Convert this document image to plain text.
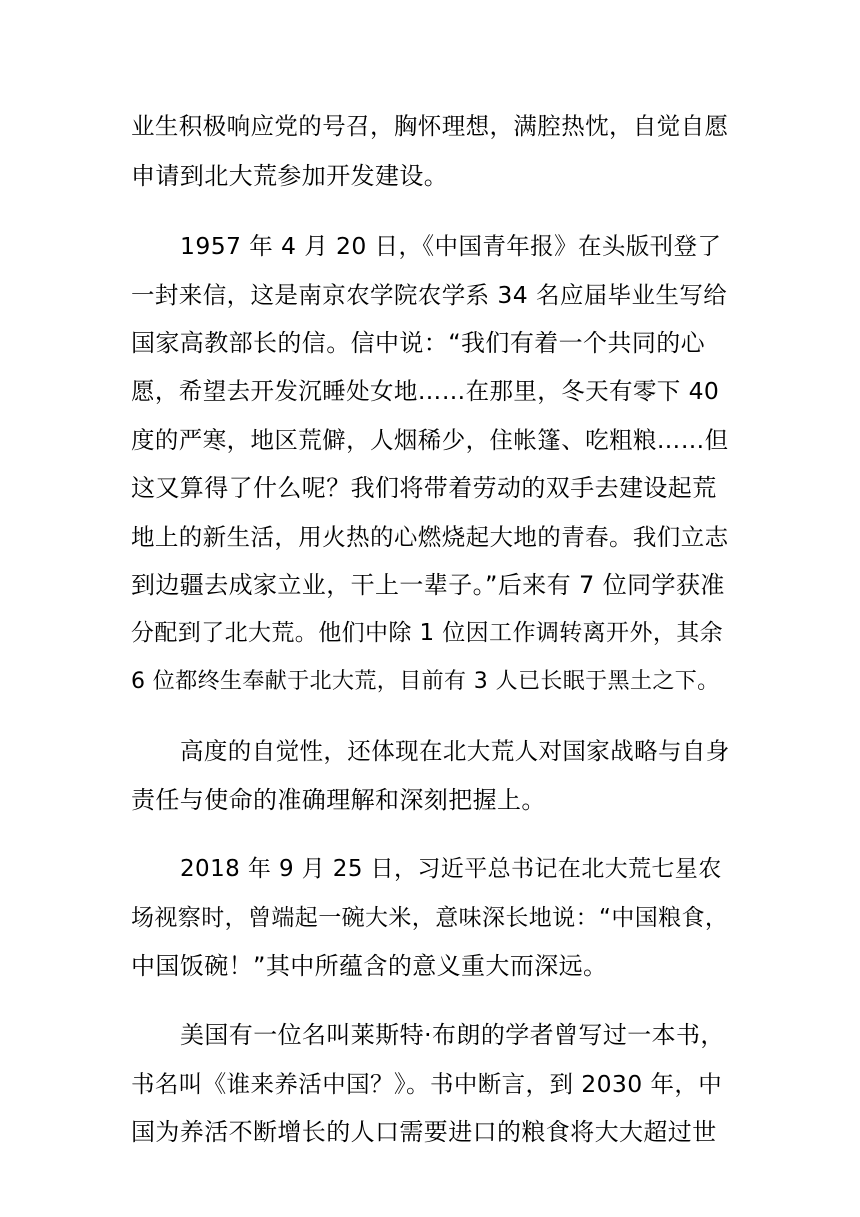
业生积极响应党的号召，胸怀理想，满腔热忱，自觉自愿
申请到北大荒参加开发建设。
1957 年 4 月 20 日，《中国青年报》在头版刊登了
一封来信，这是南京农学院农学系 34 名应届毕业生写给
国家高教部长的信。信中说：“我们有着一个共同的心
愿，希望去开发沉睡处女地……在那里，冬天有零下 40
度的严寒，地区荒僻，人烟稀少，住帐篷、吃粗粮……但
这又算得了什么呢？我们将带着劳动的双手去建设起荒
地上的新生活，用火热的心燃烧起大地的青春。我们立志
到边疆去成家立业，干上一辈子。”后来有 7 位同学获准
分配到了北大荒。他们中除 1 位因工作调转离开外，其余
6 位都终生奉献于北大荒，目前有 3 人已长眠于黑土之下。
高度的自觉性，还体现在北大荒人对国家战略与自身
责任与使命的准确理解和深刻把握上。
2018 年 9 月 25 日，习近平总书记在北大荒七星农
场视察时，曾端起一碗大米，意味深长地说：“中国粮食，
中国饭碗！”其中所蕴含的意义重大而深远。
美国有一位名叫莱斯特·布朗的学者曾写过一本书，
书名叫《谁来养活中国？》。书中断言，到 2030 年，中
国为养活不断增长的人口需要进口的粮食将大大超过世
